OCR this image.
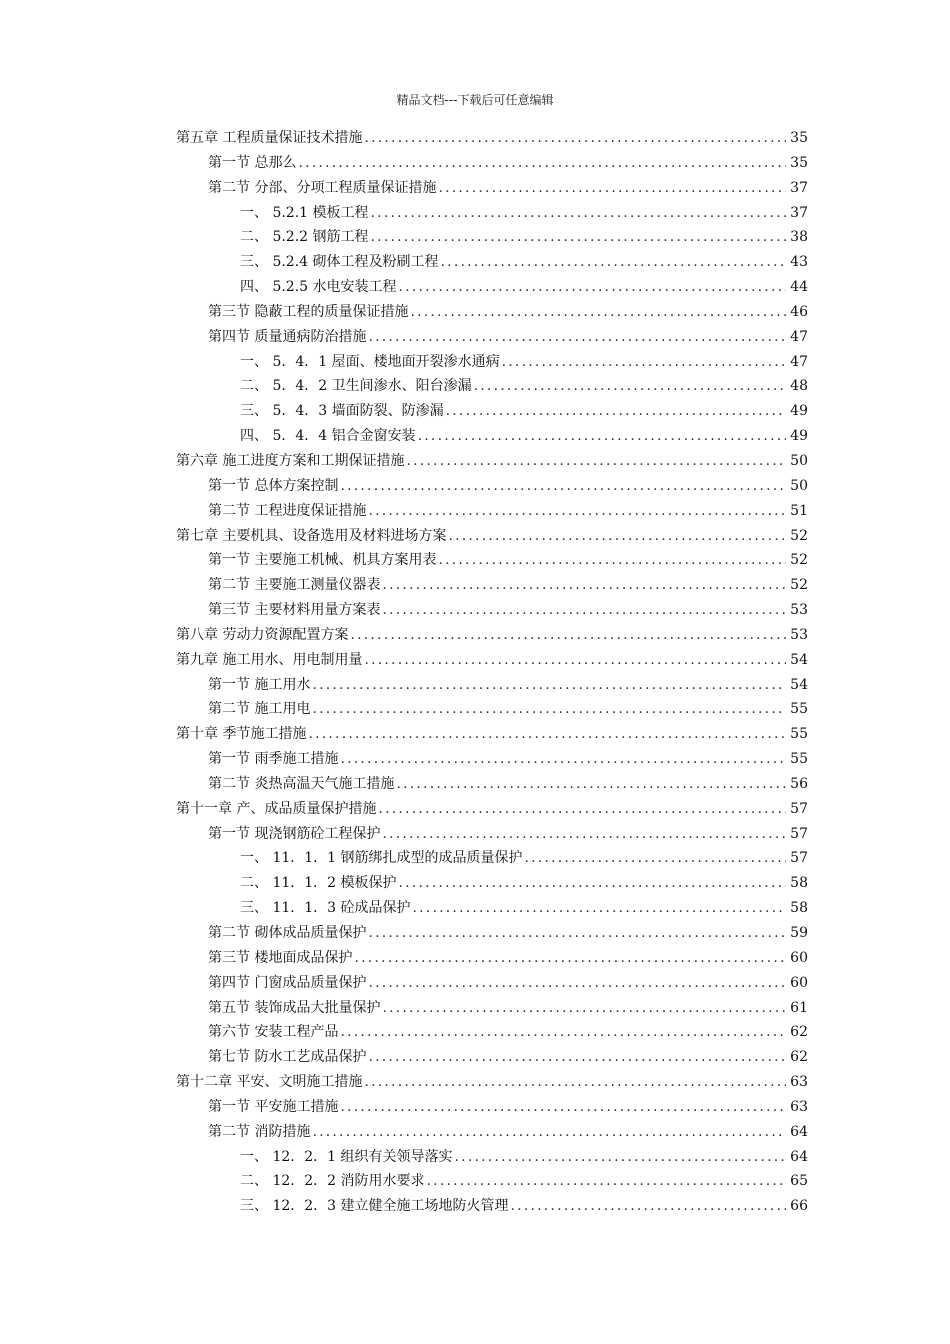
精品文档---下载后可任意编辑
第五章 工程质量保证技术措施 .....	35
第一节 总那么 .....	35
第二节 分部、分项工程质量保证措施 .....	37
一、 5.2.1 模板工程 .....	37
二、 5.2.2 钢筋工程 .....	38
三、 5.2.4 砌体工程及粉刷工程 .....	43
四、 5.2.5 水电安装工程 .....	44
第三节 隐蔽工程的质量保证措施 .....	46
第四节 质量通病防治措施 .....	47
一、 5．4．1 屋面、楼地面开裂渗水通病 .....	47
二、 5．4．2 卫生间渗水、阳台渗漏 .....	48
三、 5．4．3 墙面防裂、防渗漏 .....	49
四、 5．4．4 铝合金窗安装 .....	49
第六章 施工进度方案和工期保证措施 .....	50
第一节 总体方案控制 .....	50
第二节 工程进度保证措施 .....	51
第七章 主要机具、设备选用及材料进场方案 .....	52
第一节 主要施工机械、机具方案用表 .....	52
第二节 主要施工测量仪器表 .....	52
第三节 主要材料用量方案表 .....	53
第八章 劳动力资源配置方案 .....	53
第九章 施工用水、用电制用量 .....	54
第一节 施工用水 .....	54
第二节 施工用电 .....	55
第十章 季节施工措施 .....	55
第一节 雨季施工措施 .....	55
第二节 炎热高温天气施工措施 .....	56
第十一章 产、成品质量保护措施 .....	57
第一节 现浇钢筋砼工程保护 .....	57
一、 11．1．1 钢筋绑扎成型的成品质量保护 .....	57
二、 11．1．2 模板保护 .....	58
三、 11．1．3 砼成品保护 .....	58
第二节 砌体成品质量保护 .....	59
第三节 楼地面成品保护 .....	60
第四节 门窗成品质量保护 .....	60
第五节 装饰成品大批量保护 .....	61
第六节 安装工程产品 .....	62
第七节 防水工艺成品保护 .....	62
第十二章 平安、文明施工措施 .....	63
第一节 平安施工措施 .....	63
第二节 消防措施 .....	64
一、 12．2．1 组织有关领导落实 .....	64
二、 12．2．2 消防用水要求 .....	65
三、 12．2．3 建立健全施工场地防火管理 .....	66
